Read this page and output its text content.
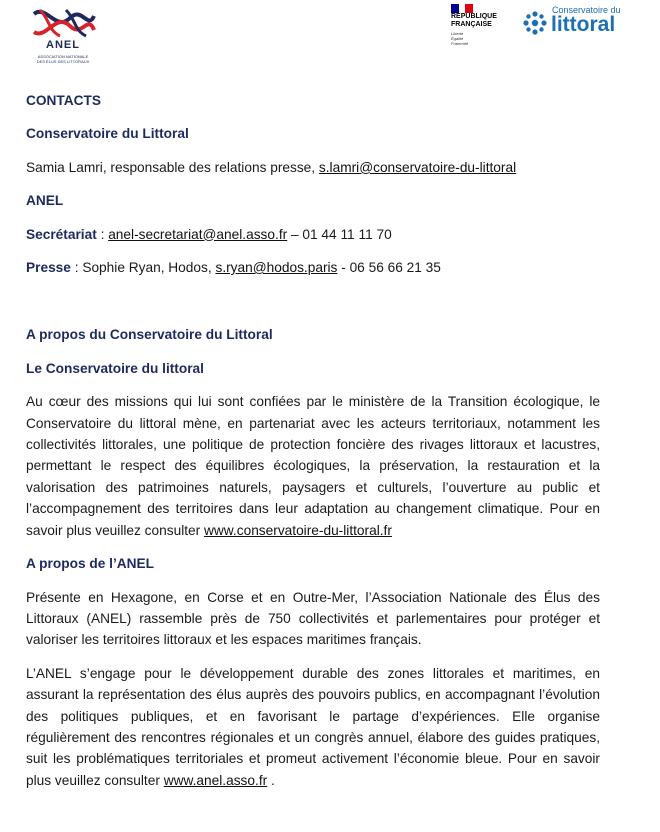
ANEL
ASSOCIATION NATIONALE
DES ÉLUS DES LITTORAUX
RÉPUBLIQUE
FRANÇAISE
Liberté
Égalité
Fraternité
Conservatoire du
littoral

CONTACTS

Conservatoire du Littoral

Samia Lamri, responsable des relations presse, s.lamri@conservatoire-du-littoral

ANEL

Secrétariat : anel-secretariat@anel.asso.fr – 01 44 11 11 70

Presse : Sophie Ryan, Hodos, s.ryan@hodos.paris - 06 56 66 21 35

A propos du Conservatoire du Littoral

Le Conservatoire du littoral

Au cœur des missions qui lui sont confiées par le ministère de la Transition écologique, le Conservatoire du littoral mène, en partenariat avec les acteurs territoriaux, notamment les collectivités littorales, une politique de protection foncière des rivages littoraux et lacustres, permettant le respect des équilibres écologiques, la préservation, la restauration et la valorisation des patrimoines naturels, paysagers et culturels, l’ouverture au public et l’accompagnement des territoires dans leur adaptation au changement climatique. Pour en savoir plus veuillez consulter www.conservatoire-du-littoral.fr

A propos de l’ANEL

Présente en Hexagone, en Corse et en Outre-Mer, l’Association Nationale des Élus des Littoraux (ANEL) rassemble près de 750 collectivités et parlementaires pour protéger et valoriser les territoires littoraux et les espaces maritimes français.

L’ANEL s’engage pour le développement durable des zones littorales et maritimes, en assurant la représentation des élus auprès des pouvoirs publics, en accompagnant l’évolution des politiques publiques, et en favorisant le partage d’expériences. Elle organise régulièrement des rencontres régionales et un congrès annuel, élabore des guides pratiques, suit les problématiques territoriales et promeut activement l’économie bleue. Pour en savoir plus veuillez consulter www.anel.asso.fr .
